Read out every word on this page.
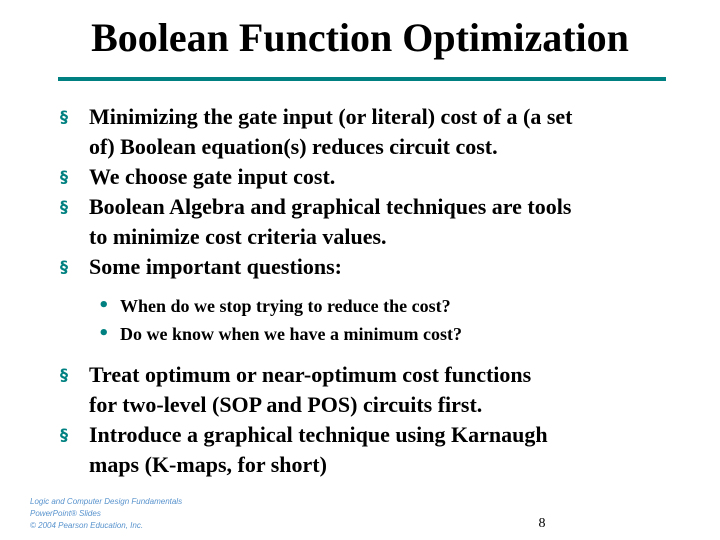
Boolean Function Optimization
§ Minimizing the gate input (or literal) cost of a (a set
of) Boolean equation(s) reduces circuit cost.
§ We choose gate input cost.
§ Boolean Algebra and graphical techniques are tools
to minimize cost criteria values.
§ Some important questions:
• When do we stop trying to reduce the cost?
• Do we know when we have a minimum cost?
§ Treat optimum or near-optimum cost functions
for two-level (SOP and POS) circuits first.
§ Introduce a graphical technique using Karnaugh
maps (K-maps, for short)
Logic and Computer Design Fundamentals
PowerPoint® Slides
© 2004 Pearson Education, Inc.	8
